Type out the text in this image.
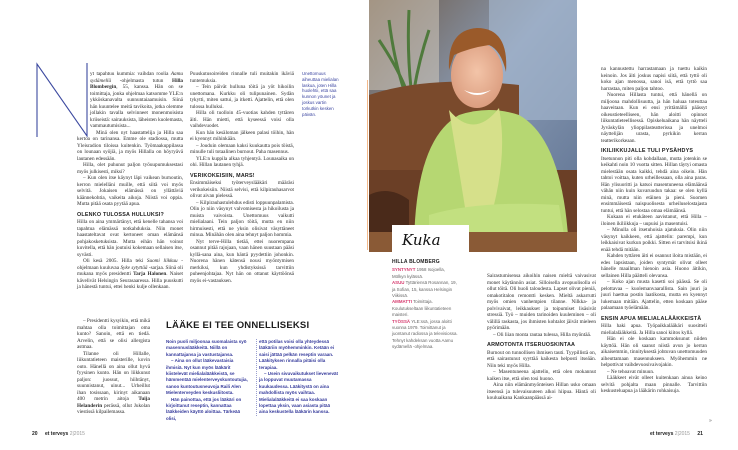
yt tapahtuu kummia: vaihdan roolia Aamu sydämellä -ohjelmasta tutun Hilla Blombergin, 55, kanssa. Hän on se toimittaja, jonka ohjelmaa katsomme YLE:n ykköskanavalta sunnuntaiaamuisin. Siinä hän kuuntelee meitä tavikoita, jotka olemme jollakin tavalla selvinneet monenmoisista kriiseistä: sairauksista, läheisten kuolemasta, vammautumisista...

Minä olen nyt haastattelija ja Hilla saa kertoa on tarinansa. Emme ole stadiossa, mutta Yleisradion tiloissa kuitenkin. Työmaakuppilassa on lounaan syöjiä, ja myös Hillalla on höyryävä lautanen edessään.

Hilla, olet puhunut paljon työuupumuksestasi myös julkisesti, miksi?

– Kun olen itse käynyt läpi vaikean burnoutin, kerron mielelläni muille, että siitä voi myös selvitä. Jokaisen elämässä on yllättäviä käännekohtia, vaikeita aikoja. Niistä voi oppia. Mutta pitää osata pyytää apua.

OLENKO TULOSSA HULLUKSI?

Hilla on aina ymmärtänyt, että kenelle tahansa voi tapahtua elämässä notkahduksia. Niin monet haastateltavat ovat kertoneet oman elämänsä pohjakosketuksista. Mutta eihän hän voinut kuvitella, että hän joutuisi kokemaan sellaisen itse, syvästi.

Oli kesä 2005. Hilla teki Suomi liikkuu -ohjelmaan kuuluvaa Syke sytyttää -sarjaa. Siinä oli mukana myös presidentti Tarja Halonen. Naiset kävelivät Helsingin Seurasaaressa. Hilla puuskutti ja hänestä tuntui, ettei henki kulje ollenkaan.

– Presidentti kysyikin, että mikä mahtaa olla toimittajan oma kunto? Sanoin, että en tiedä. Arvelin, että se olisi allergista astmaa.

Tilanne oli Hillalle, liikuntatieteen maisterille, kovin outo. Hänellä on aina ollut hyvä fyysinen kunto. Hän on liikkunut paljon: juossut, hiihtänyt, suunnistanut, uinut... Urheillut ihan tosissaan, kirinyt aikanaan 400 metrin aitoja Tuija Helanderin perässä, ollut Jukolan viestissä kilpailemassa.

Puuskutusoireiden rinnalle tuli muitakin ikäviä tuntemuksia.

– Tein päivät hulluna töitä ja yöt hikoilin unettomana. Kurkku oli tulipunainen. Sydän tykytti, miten sattui, ja itketti. Ajattelin, että olen tulossa hulluksi.

Hilla oli tuolloin 45-vuotias kahden tyttären äiti. Hän mietti, että kyseessä voisi olla vaihdevuodet.

Kun hän kesäloman jälkeen palasi töihin, hän ei kyennyt mihinkään.

– Jouduin olemaan kaksi kuukautta pois töistä, minulle tuli totaalinen burnout. Paha masennus.

YLE:n kuppila alkaa tyhjentyä. Lounasaika on ohi. Hillan lautanen tyhjä.

VERIKOKEISIIN, MARS!

Ensimmäiseksi työterveyslääkäri määräsi verikokeisiin. Niistä selvisi, että kilpirauhasarvot olivat aivan pielessä.

– Kilpirauhastulehdus edisti loppuunpalamista. Olin jo niin väsynyt valvomisesta ja hikoilusta ja muista vaivoista. Unettomuus vaikutti mielialaani. Tein paljon töitä, mutta en niin hirmuisesti, että ne yksin olisivat väsyttäneet minua. Minähän olen aina tehnyt paljon hommia.

Nyt terve-Hilla tietää, ettei nuorempana osannut pitää rajojaan, vaan hänen suustaan pääsi kyllä-sana aina, kun häntä pyydettiin johonkin. Nuorena hänen kätensä nousi myöntymisen merkiksi, kun yhdistyksissä tarvittiin puheenjohtajaa. Nyt hän on ottanut käyttöönsä myös ei-vastauksen.

Unettomuus aiheuttaa mielialan laskua, joten Hilla huolehtii, että saa kunnon yöunet ja joskus vartin torkutkin kesken päivän.
LÄÄKE EI TEE ONNELLISEKSI

Noin puoli miljoonaa suomalaista syö masennuslääkkeitä. Niillä on kannattajansa ja vastustajansa.

– Aina on ollut lääkevastaisia ihmisiä. Nyt kun myös lääkärit kiistelevät mielialalääkkeistä, se hämmentää mielenterveyskuntoutujia, sanoo kuntoutusneuvoja Raili Alen Mielenterveyden keskusliitosta.

Hän painottaa, että jos lääkäri on kirjoittanut reseptin, kannattaa lääkkeiden käyttö aloittaa. Tärkeää olisi,

että potilas voisi olla yhteydessä lääkäriin myöhemminkin. Ketään ei saisi jättää pelkän reseptin varaan. Lääkityksen rinnalla pitäisi olla terapiaa.

– Usein sivuvaikutukset lievenevät ja loppuvat muutamassa kuukaudessa. Lääkitystä on aina mahdollista myös vaihtaa. Mielialalääkkeitä ei saa koskaan lopettaa yksin, vaan asiasta pitää aina keskustella lääkärin kanssa.

20 et terveys 2|2015
Kuka
HILLA BLOMBERG
SYNTYNYT 1958 Isojoella, Mölkyn kylässä.
ASUU Tyttäriensä Rosannan, 19, ja Sofian, 15, kanssa Helsingin Viikissä.
AMMATTI Toimittaja. Koulutukseltaan liikuntatieteen maisteri.
TYÖSSÄ YLE:ssä, jossa aloitti vuonna 1979. Toimittanut ja juontanut radiossa ja televisiossa. Tehnyt kahdeksan vuotta Aamu sydämellä -ohjelmaa.

Sairastumisensa aikoihin naisen mieltä vaivasivat monet käytännön asiat. Silloisella avopuolisolla ei ollut töitä. Oli huoli taloudesta. Lapset olivat pieniä, omakotitalon remontti kesken. Mieltä askarrutti myös omien vanhempien tilanne. Nilkka- ja polvivaivat, leikkaukset ja toipumiset lisäsivät stressiä. Työ – muiden tarinoiden kuuleminen – oli välillä raskasta, jos ihmisten kohtalot jäivät mieleen pyörimään.

– Oli liian monta rautaa tulessa, Hilla myöntää.

ARMOTONTA ITSERUOSKINTAA

Burnout on tunnollisen ihmisen tauti. Tyypillistä on, että sairastunut syyttää kaikesta helposti itseään. Niin teki myös Hilla.

– Masentuneena ajattelin, että olen mokannut kaiken itse, että olen tosi huono.

Aina niin elämänmyönteisen Hillan usko omaan itseensä ja tulevaisuuteen alkoi hiipua. Häntä oli kouluaikana Kankaanpäässä ai-

na kannustettu harrastamaan ja tuettu kaikin keinoin. Jos äiti joskus napisi siitä, että tyttö oli koko ajan menossa, sanoi isä, että tyttö saa harrastaa, miten paljon tahtoo.

Nuorena Hillasta tuntui, että hänellä on miljoona mahdollisuutta, ja hän haluaa toteuttaa haaveitaan. Kun ei ensi yrittämällä päässyt oikeustieteelliseen, hän aloitti opinnot liikuntatieteellisessä. Opiskeluaikana hän näytteli Jyväskylän ylioppilasteatterissa ja unelmoi näyttelijän urasta, pyrkikin kerran teatterikorkeaan.

IKILIIKKUJALLE TULI PYSÄHDYS

Itsetunnon piti olla kohdallaan, mutta jotenkin se keikahti noin 10 vuotta sitten. Hillan täytyi omasta mielestään osata kaikki, tehdä aina oikein. Hän tahtoi voittaa, kuten urheillessaan, olla aina paras. Hän ylisuoritti ja katsoi masentuneena elämäänsä vähän niin kuin kuvaruudun takaa: se olen kyllä minä, mutta niin etäinen ja pieni. Suomen ensimmäisestä naispuolisesta urheiluselostajasta tuntui, että hän selostaa omaa elämäänsä.

Kukaan ei etukäteen aavistanut, että Hilla – iloinen ikiliikkuja – uupuisi ja masentuisi.

– Minulla oli itsetuhoisia ajatuksia. Olin niin väsynyt kaikkeen, että ajattelin: parempi, kun leikkaisivat kurkun poikki. Sitten ei tarvitsisi ikinä enää tehdä mitään.

Kahden tyttären äiti ei osannut iloita mistään, ei edes lapsistaan, joiden syntymät olivat olleet hänelle maailman hienoin asia. Huono äitikin, sellainen Hilla päätteli olevansa.

– Koko ajan musta kasetti soi päässä. Se oli pelottavaa – kuolemanvaarallista. Sain juuri ja juuri haettua postin laatikosta, mutta en kyennyt lukemaan mitään. Ajattelin, etten koskaan pääse palaamaan työelämään.

ENSIN APUA MIELIALALÄÄKKEISTÄ

Hilla haki apua. Työpaikkalääkäri suositteli mielialalääkkeitä. Ja Hilla sanoi kiitos kyllä.

Hän ei ole koskaan kammoksunut niiden käyttöä. Hän oli saanut niistä avun jo kerran aikaisemmin, tinnityksestä johtuvan unettomuuden aiheuttamaan masennukseen. Myöhemmin ne helpottivat vaihdevuosivaivojakin.

– Ne tehoavat minuun.

Lääkkeet eivät olleet kuitenkaan ainoa keino selvitä pohjalta maan pinnalle. Tarvittiin keskusteluapua ja lääkärin rohkaisuja.

»
et terveys 2|2015 21
